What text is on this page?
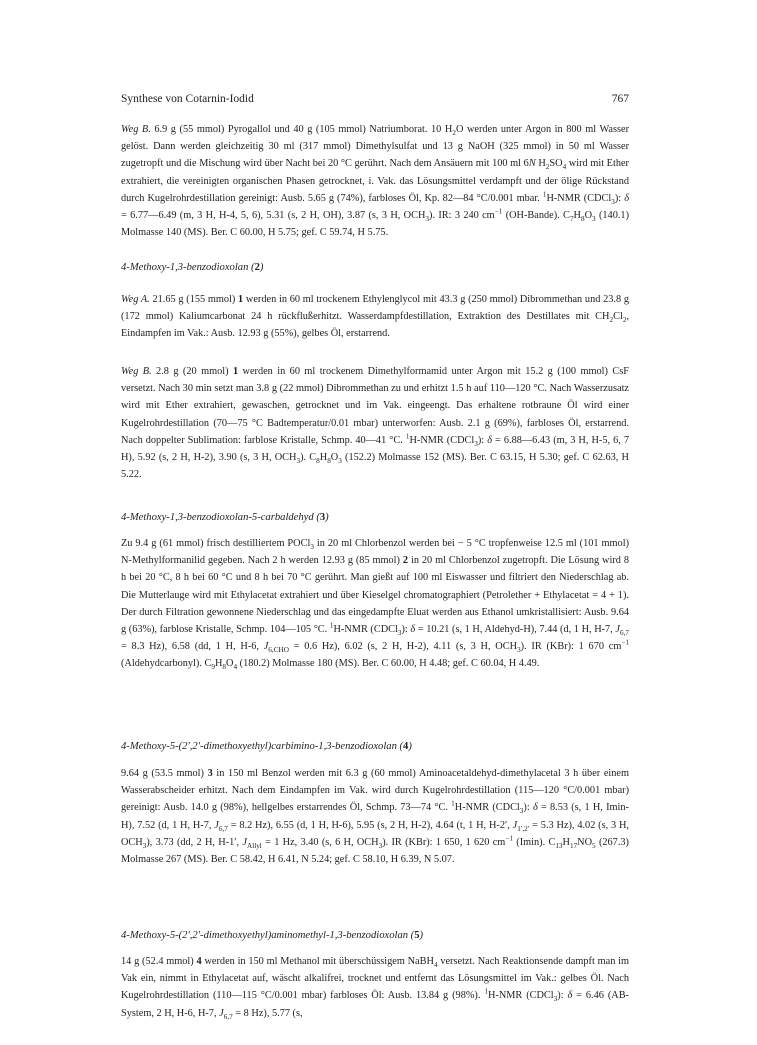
Synthese von Cotarnin-Iodid	767

Weg B. 6.9 g (55 mmol) Pyrogallol und 40 g (105 mmol) Natriumborat. 10 $H_2O$ werden unter Argon in 800 ml Wasser gelöst. Dann werden gleichzeitig 30 ml (317 mmol) Dimethylsulfat und 13 g NaOH (325 mmol) in 50 ml Wasser zugetropft und die Mischung wird über Nacht bei 20 °C gerührt. Nach dem Ansäuern mit 100 ml 6N $H_2SO_4$ wird mit Ether extrahiert, die vereinigten organischen Phasen getrocknet, i. Vak. das Lösungsmittel verdampft und der ölige Rückstand durch Kugelrohrdestillation gereinigt: Ausb. 5.65 g (74%), farbloses Öl, Kp. 82—84 °C/0.001 mbar. $^1$H-NMR (CDCl$_3$): δ = 6.77—6.49 (m, 3 H, H-4, 5, 6), 5.31 (s, 2 H, OH), 3.87 (s, 3 H, $OCH_3$). IR: 3 240 $cm^{-1}$ (OH-Bande). $C_7H_8O_3$ (140.1) Molmasse 140 (MS). Ber. C 60.00, H 5.75; gef. C 59.74, H 5.75.

4-Methoxy-1,3-benzodioxolan (2)

Weg A. 21.65 g (155 mmol) 1 werden in 60 ml trockenem Ethylenglycol mit 43.3 g (250 mmol) Dibrommethan und 23.8 g (172 mmol) Kaliumcarbonat 24 h rückflußerhitzt. Wasserdampfdestillation, Extraktion des Destillates mit $CH_2Cl_2$, Eindampfen im Vak.: Ausb. 12.93 g (55%), gelbes Öl, erstarrend.

Weg B. 2.8 g (20 mmol) 1 werden in 60 ml trockenem Dimethylformamid unter Argon mit 15.2 g (100 mmol) CsF versetzt. Nach 30 min setzt man 3.8 g (22 mmol) Dibrommethan zu und erhitzt 1.5 h auf 110—120 °C. Nach Wasserzusatz wird mit Ether extrahiert, gewaschen, getrocknet und im Vak. eingeengt. Das erhaltene rotbraune Öl wird einer Kugelrohrdestillation (70—75 °C Badtemperatur/0.01 mbar) unterworfen: Ausb. 2.1 g (69%), farbloses Öl, erstarrend. Nach doppelter Sublimation: farblose Kristalle, Schmp. 40—41 °C. $^1$H-NMR (CDCl$_3$): δ = 6.88—6.43 (m, 3 H, H-5, 6, 7 H), 5.92 (s, 2 H, H-2), 3.90 (s, 3 H, $OCH_3$). $C_8H_8O_3$ (152.2) Molmasse 152 (MS). Ber. C 63.15, H 5.30; gef. C 62.63, H 5.22.

4-Methoxy-1,3-benzodioxolan-5-carbaldehyd (3)

Zu 9.4 g (61 mmol) frisch destilliertem POCl$_3$ in 20 ml Chlorbenzol werden bei − 5 °C tropfenweise 12.5 ml (101 mmol) N-Methylformanilid gegeben. Nach 2 h werden 12.93 g (85 mmol) 2 in 20 ml Chlorbenzol zugetropft. Die Lösung wird 8 h bei 20 °C, 8 h bei 60 °C und 8 h bei 70 °C gerührt. Man gießt auf 100 ml Eiswasser und filtriert den Niederschlag ab. Die Mutterlauge wird mit Ethylacetat extrahiert und über Kieselgel chromatographiert (Petrolether + Ethylacetat = 4 + 1). Der durch Filtration gewonnene Niederschlag und das eingedampfte Eluat werden aus Ethanol umkristallisiert: Ausb. 9.64 g (63%), farblose Kristalle, Schmp. 104—105 °C. $^1$H-NMR (CDCl$_3$): δ = 10.21 (s, 1 H, Aldehyd-H), 7.44 (d, 1 H, H-7, $J_{6,7} = 8.3$ Hz), 6.58 (dd, 1 H, H-6, $J_{6,CHO} = 0.6$ Hz), 6.02 (s, 2 H, H-2), 4.11 (s, 3 H, $OCH_3$). IR (KBr): 1 670 $cm^{-1}$ (Aldehydcarbonyl). $C_9H_8O_4$ (180.2) Molmasse 180 (MS). Ber. C 60.00, H 4.48; gef. C 60.04, H 4.49.

4-Methoxy-5-(2′,2′-dimethoxyethyl)carbimino-1,3-benzodioxolan (4)

9.64 g (53.5 mmol) 3 in 150 ml Benzol werden mit 6.3 g (60 mmol) Aminoacetaldehyd-dimethylacetal 3 h über einem Wasserabscheider erhitzt. Nach dem Eindampfen im Vak. wird durch Kugelrohrdestillation (115—120 °C/0.001 mbar) gereinigt: Ausb. 14.0 g (98%), hellgelbes erstarrendes Öl, Schmp. 73—74 °C. $^1$H-NMR (CDCl$_3$): δ = 8.53 (s, 1 H, Imin-H), 7.52 (d, 1 H, H-7, $J_{6,7} = 8.2$ Hz), 6.55 (d, 1 H, H-6), 5.95 (s, 2 H, H-2), 4.64 (t, 1 H, H-2′, $J_{1',2'} = 5.3$ Hz), 4.02 (s, 3 H, $OCH_3$), 3.73 (dd, 2 H, H-1′, $J_{Allyl} = 1$ Hz, 3.40 (s, 6 H, $OCH_3$). IR (KBr): 1 650, 1 620 $cm^{-1}$ (Imin). $C_{13}H_{17}NO_5$ (267.3) Molmasse 267 (MS). Ber. C 58.42, H 6.41, N 5.24; gef. C 58.10, H 6.39, N 5.07.

4-Methoxy-5-(2′,2′-dimethoxyethyl)aminomethyl-1,3-benzodioxolan (5)

14 g (52.4 mmol) 4 werden in 150 ml Methanol mit überschüssigem NaBH$_4$ versetzt. Nach Reaktionsende dampft man im Vak ein, nimmt in Ethylacetat auf, wäscht alkalifrei, trocknet und entfernt das Lösungsmittel im Vak.: gelbes Öl. Nach Kugelrohrdestillation (110—115 °C/0.001 mbar) farbloses Öl: Ausb. 13.84 g (98%). $^1$H-NMR (CDCl$_3$): δ = 6.46 (AB-System, 2 H, H-6, H-7, $J_{6,7} = 8$ Hz), 5.77 (s,
